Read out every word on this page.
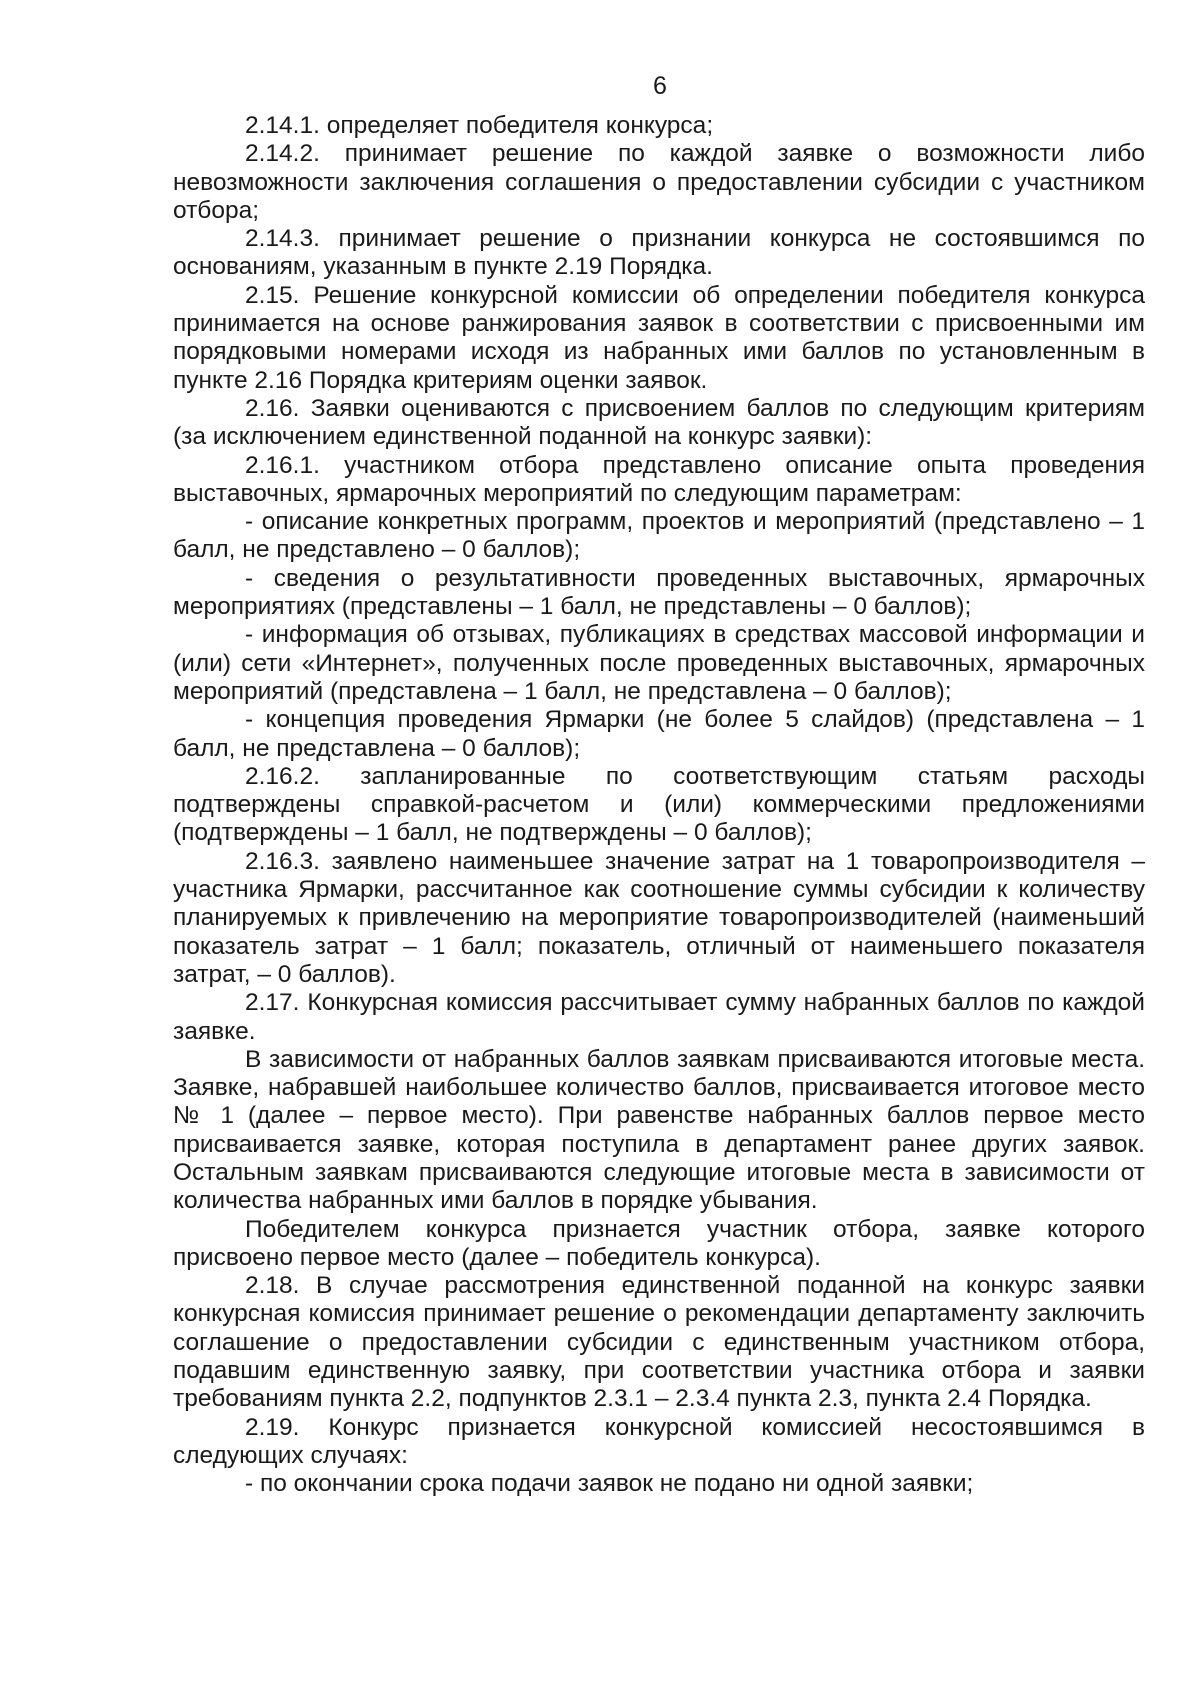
6

2.14.1. определяет победителя конкурса;

2.14.2. принимает решение по каждой заявке о возможности либо невозможности заключения соглашения о предоставлении субсидии с участником отбора;

2.14.3. принимает решение о признании конкурса не состоявшимся по основаниям, указанным в пункте 2.19 Порядка.

2.15. Решение конкурсной комиссии об определении победителя конкурса принимается на основе ранжирования заявок в соответствии с присвоенными им порядковыми номерами исходя из набранных ими баллов по установленным в пункте 2.16 Порядка критериям оценки заявок.

2.16. Заявки оцениваются с присвоением баллов по следующим критериям (за исключением единственной поданной на конкурс заявки):

2.16.1. участником отбора представлено описание опыта проведения выставочных, ярмарочных мероприятий по следующим параметрам:

- описание конкретных программ, проектов и мероприятий (представлено – 1 балл, не представлено – 0 баллов);

- сведения о результативности проведенных выставочных, ярмарочных мероприятиях (представлены – 1 балл, не представлены – 0 баллов);

- информация об отзывах, публикациях в средствах массовой информации и (или) сети «Интернет», полученных после проведенных выставочных, ярмарочных мероприятий (представлена – 1 балл, не представлена – 0 баллов);

- концепция проведения Ярмарки (не более 5 слайдов) (представлена – 1 балл, не представлена – 0 баллов);

2.16.2. запланированные по соответствующим статьям расходы подтверждены справкой-расчетом и (или) коммерческими предложениями (подтверждены – 1 балл, не подтверждены – 0 баллов);

2.16.3. заявлено наименьшее значение затрат на 1 товаропроизводителя – участника Ярмарки, рассчитанное как соотношение суммы субсидии к количеству планируемых к привлечению на мероприятие товаропроизводителей (наименьший показатель затрат – 1 балл; показатель, отличный от наименьшего показателя затрат, – 0 баллов).

2.17. Конкурсная комиссия рассчитывает сумму набранных баллов по каждой заявке.

В зависимости от набранных баллов заявкам присваиваются итоговые места. Заявке, набравшей наибольшее количество баллов, присваивается итоговое место № 1 (далее – первое место). При равенстве набранных баллов первое место присваивается заявке, которая поступила в департамент ранее других заявок. Остальным заявкам присваиваются следующие итоговые места в зависимости от количества набранных ими баллов в порядке убывания.

Победителем конкурса признается участник отбора, заявке которого присвоено первое место (далее – победитель конкурса).

2.18. В случае рассмотрения единственной поданной на конкурс заявки конкурсная комиссия принимает решение о рекомендации департаменту заключить соглашение о предоставлении субсидии с единственным участником отбора, подавшим единственную заявку, при соответствии участника отбора и заявки требованиям пункта 2.2, подпунктов 2.3.1 – 2.3.4 пункта 2.3, пункта 2.4 Порядка.

2.19. Конкурс признается конкурсной комиссией несостоявшимся в следующих случаях:

- по окончании срока подачи заявок не подано ни одной заявки;
